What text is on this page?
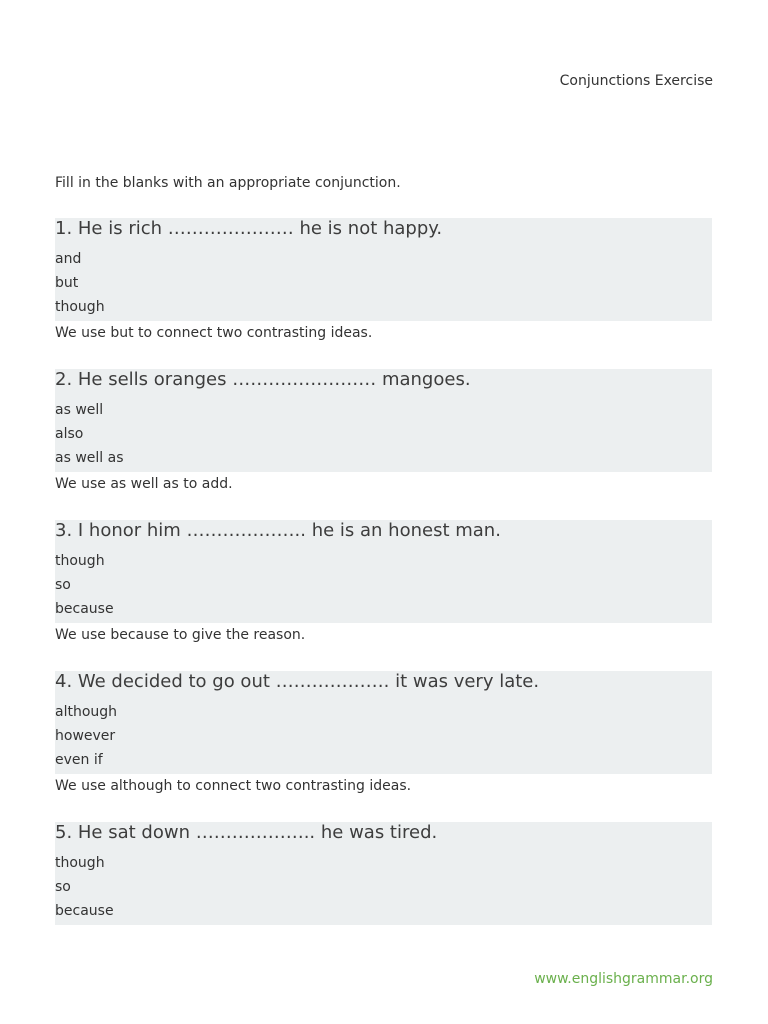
Conjunctions Exercise
Fill in the blanks with an appropriate conjunction.
1. He is rich ………………… he is not happy.
and
but
though
We use but to connect two contrasting ideas.
2. He sells oranges …………………… mangoes.
as well
also
as well as
We use as well as to add.
3. I honor him ……………….. he is an honest man.
though
so
because
We use because to give the reason.
4. We decided to go out ………………. it was very late.
although
however
even if
We use although to connect two contrasting ideas.
5. He sat down ……………….. he was tired.
though
so
because
www.englishgrammar.org
